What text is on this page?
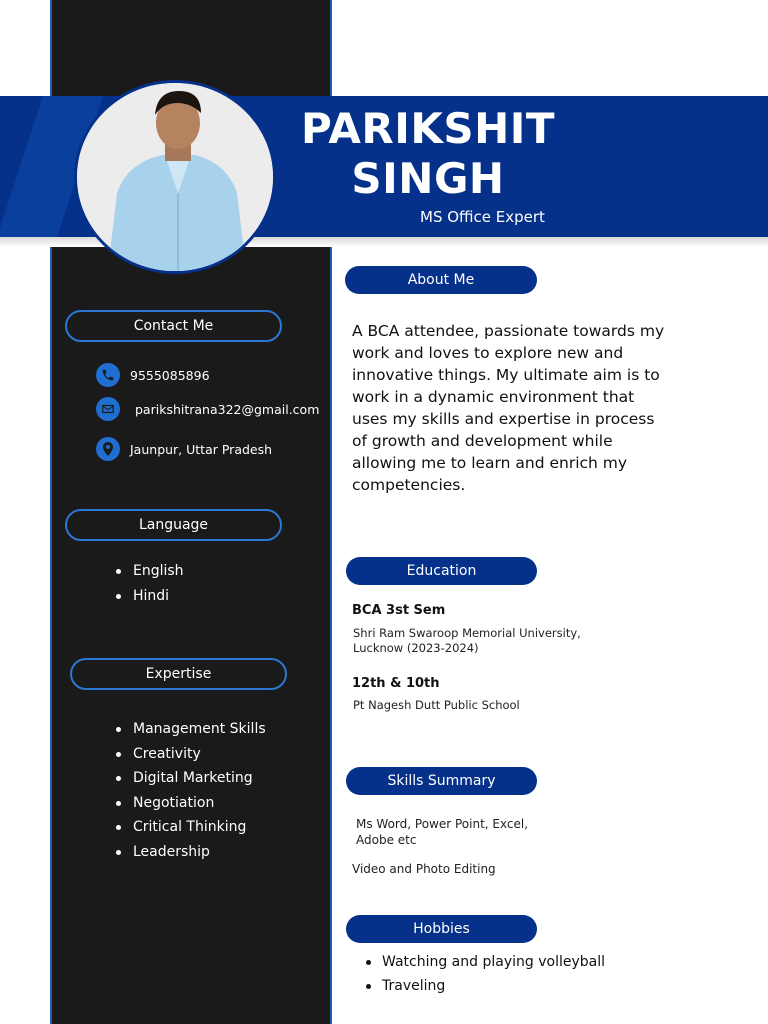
PARIKSHIT
SINGH
MS Office Expert
Contact Me
9555085896
parikshitrana322@gmail.com
Jaunpur, Uttar Pradesh
Language
English
Hindi
Expertise
Management Skills
Creativity
Digital Marketing
Negotiation
Critical Thinking
Leadership
About Me
A BCA attendee, passionate towards my work and loves to explore new and innovative things. My ultimate aim is to work in a dynamic environment that uses my skills and expertise in process of growth and development while allowing me to learn and enrich my competencies.
Education
BCA 3st Sem
Shri Ram Swaroop Memorial University, Lucknow (2023-2024)
12th & 10th
Pt Nagesh Dutt Public School
Skills Summary
Ms Word, Power Point, Excel, Adobe etc
Video and Photo Editing
Hobbies
Watching and playing volleyball
Traveling
